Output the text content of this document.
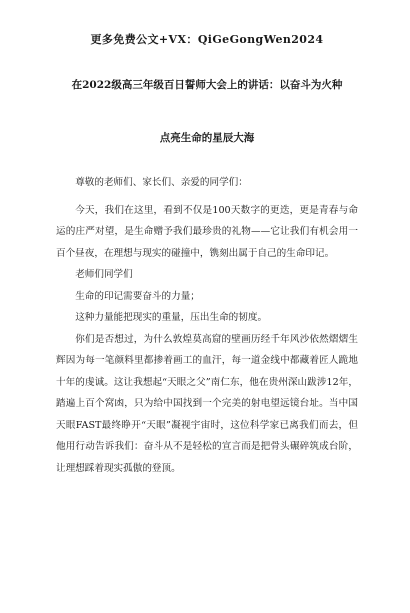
更多免费公文+VX：QiGeGongWen2024
在2022级高三年级百日誓师大会上的讲话：以奋斗为火种
点亮生命的星辰大海

尊敬的老师们、家长们、亲爱的同学们：

今天，我们在这里，看到不仅是100天数字的更迭，更是青春与命运的庄严对望，是生命赠予我们最珍贵的礼物——它让我们有机会用一百个昼夜，在理想与现实的碰撞中，镌刻出属于自己的生命印记。

老师们同学们

生命的印记需要奋斗的力量；

这种力量能把现实的重量，压出生命的韧度。

你们是否想过，为什么敦煌莫高窟的壁画历经千年风沙依然熠熠生辉因为每一笔颜料里都掺着画工的血汗，每一道金线中都藏着匠人跪地十年的虔诚。这让我想起“天眼之父”南仁东，他在贵州深山跋涉12年，踏遍上百个窝凼，只为给中国找到一个完美的射电望远镜台址。当中国天眼FAST最终睁开“天眼”凝视宇宙时，这位科学家已离我们而去，但他用行动告诉我们：奋斗从不是轻松的宣言而是把骨头碾碎筑成台阶，让理想踩着现实孤傲的登顶。
